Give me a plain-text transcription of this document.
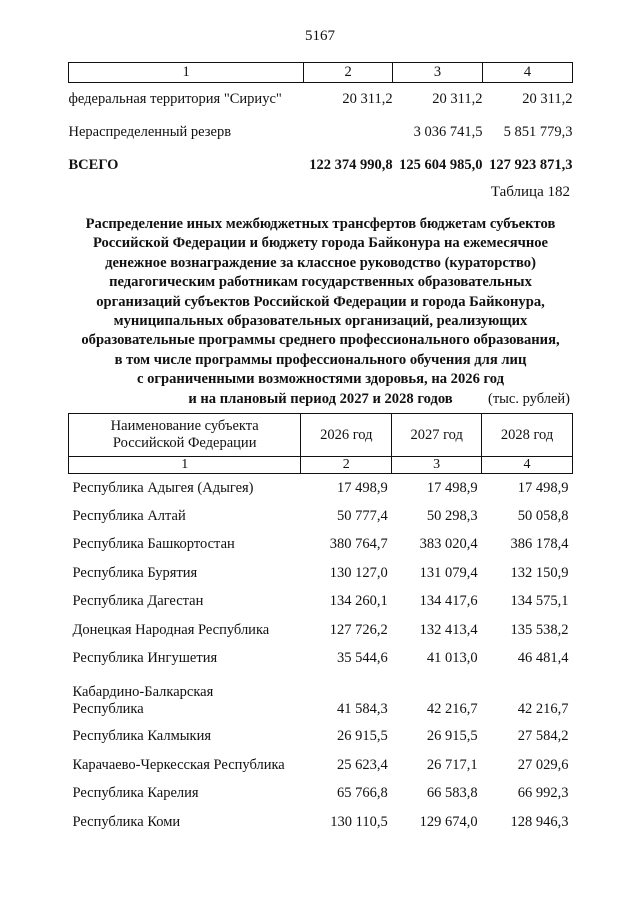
5167
1	2	3	4
федеральная территория "Сириус"	20 311,2	20 311,2	20 311,2
Нераспределенный резерв		3 036 741,5	5 851 779,3
ВСЕГО	122 374 990,8	125 604 985,0	127 923 871,3
Таблица 182
Распределение иных межбюджетных трансфертов бюджетам субъектов
Российской Федерации и бюджету города Байконура на ежемесячное
денежное вознаграждение за классное руководство (кураторство)
педагогическим работникам государственных образовательных
организаций субъектов Российской Федерации и города Байконура,
муниципальных образовательных организаций, реализующих
образовательные программы среднего профессионального образования,
в том числе программы профессионального обучения для лиц
с ограниченными возможностями здоровья, на 2026 год
и на плановый период 2027 и 2028 годов	(тыс. рублей)
Наименование субъекта
Российской Федерации	2026 год	2027 год	2028 год
1	2	3	4
Республика Адыгея (Адыгея)	17 498,9	17 498,9	17 498,9
Республика Алтай	50 777,4	50 298,3	50 058,8
Республика Башкортостан	380 764,7	383 020,4	386 178,4
Республика Бурятия	130 127,0	131 079,4	132 150,9
Республика Дагестан	134 260,1	134 417,6	134 575,1
Донецкая Народная Республика	127 726,2	132 413,4	135 538,2
Республика Ингушетия	35 544,6	41 013,0	46 481,4
Кабардино-Балкарская
Республика	41 584,3	42 216,7	42 216,7
Республика Калмыкия	26 915,5	26 915,5	27 584,2
Карачаево-Черкесская Республика	25 623,4	26 717,1	27 029,6
Республика Карелия	65 766,8	66 583,8	66 992,3
Республика Коми	130 110,5	129 674,0	128 946,3
